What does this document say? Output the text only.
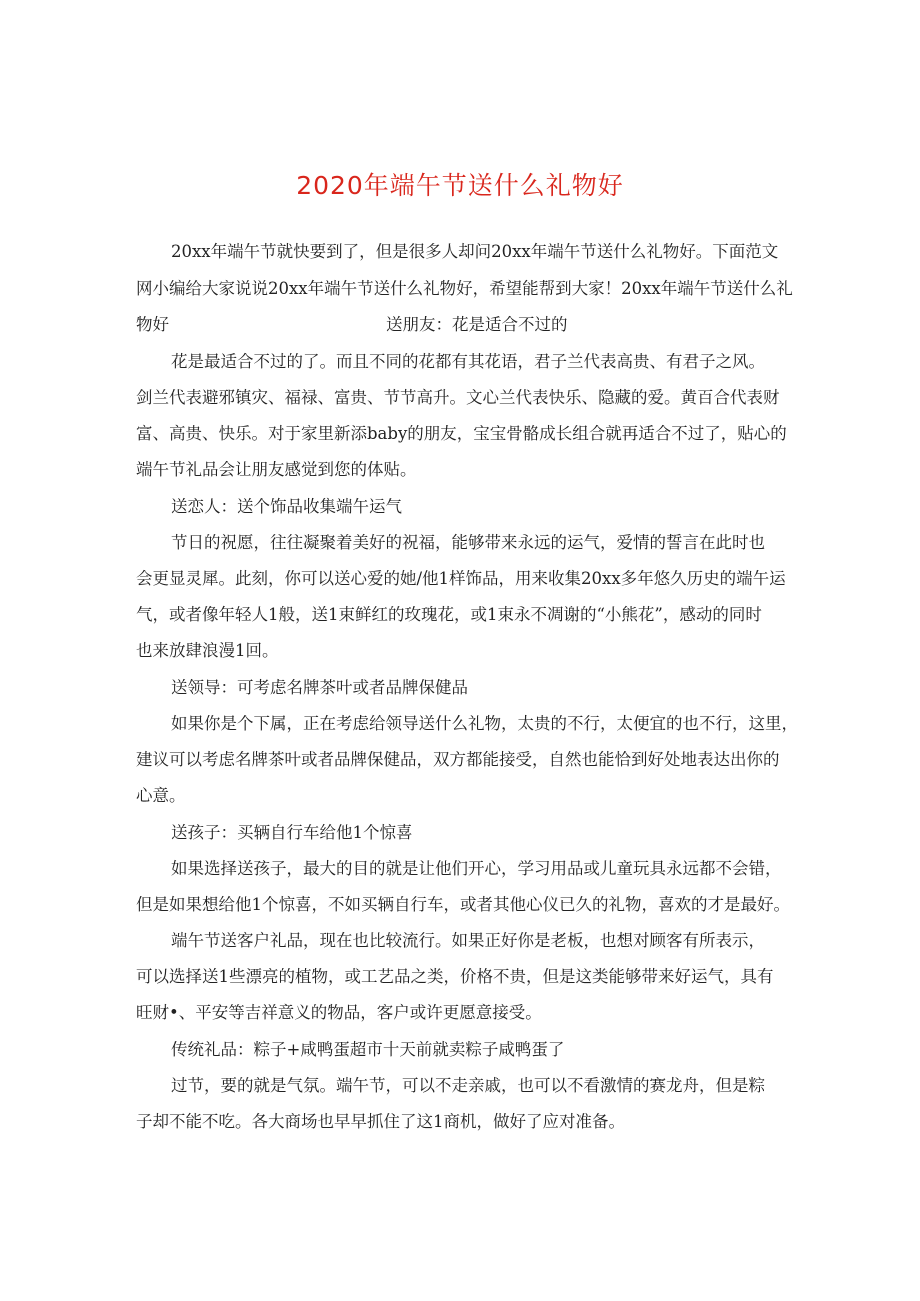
2020年端午节送什么礼物好
20xx年端午节就快要到了，但是很多人却问20xx年端午节送什么礼物好。下面范文
网小编给大家说说20xx年端午节送什么礼物好，希望能帮到大家！20xx年端午节送什么礼
物好	送朋友：花是适合不过的
花是最适合不过的了。而且不同的花都有其花语，君子兰代表高贵、有君子之风。
剑兰代表避邪镇灾、福禄、富贵、节节高升。文心兰代表快乐、隐藏的爱。黄百合代表财
富、高贵、快乐。对于家里新添baby的朋友，宝宝骨骼成长组合就再适合不过了，贴心的
端午节礼品会让朋友感觉到您的体贴。
送恋人：送个饰品收集端午运气
节日的祝愿，往往凝聚着美好的祝福，能够带来永远的运气，爱情的誓言在此时也
会更显灵犀。此刻，你可以送心爱的她/他1样饰品，用来收集20xx多年悠久历史的端午运
气，或者像年轻人1般，送1束鲜红的玫瑰花，或1束永不凋谢的“小熊花”，感动的同时
也来放肆浪漫1回。
送领导：可考虑名牌茶叶或者品牌保健品
如果你是个下属，正在考虑给领导送什么礼物，太贵的不行，太便宜的也不行，这里，
建议可以考虑名牌茶叶或者品牌保健品，双方都能接受，自然也能恰到好处地表达出你的
心意。
送孩子：买辆自行车给他1个惊喜
如果选择送孩子，最大的目的就是让他们开心，学习用品或儿童玩具永远都不会错，
但是如果想给他1个惊喜，不如买辆自行车，或者其他心仪已久的礼物，喜欢的才是最好。
端午节送客户礼品，现在也比较流行。如果正好你是老板，也想对顾客有所表示，
可以选择送1些漂亮的植物，或工艺品之类，价格不贵，但是这类能够带来好运气，具有
旺财•、平安等吉祥意义的物品，客户或许更愿意接受。
传统礼品：粽子+咸鸭蛋超市十天前就卖粽子咸鸭蛋了
过节，要的就是气氛。端午节，可以不走亲戚，也可以不看激情的赛龙舟，但是粽
子却不能不吃。各大商场也早早抓住了这1商机，做好了应对准备。
